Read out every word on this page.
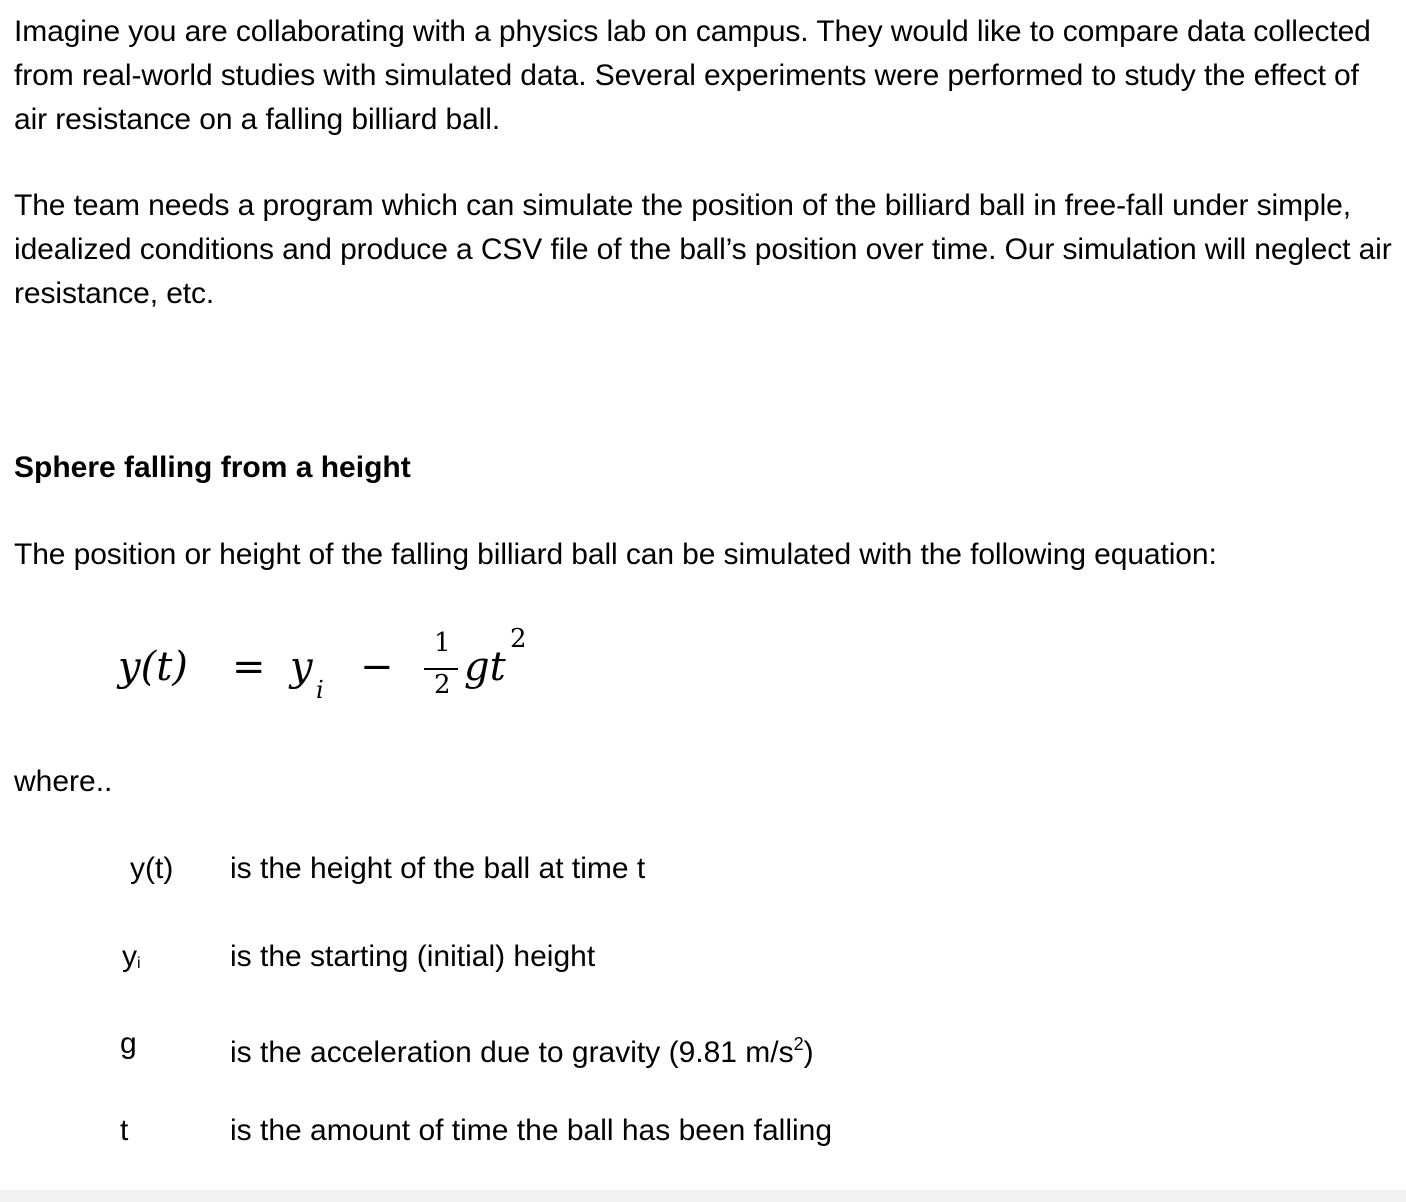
Imagine you are collaborating with a physics lab on campus. They would like to compare data collected from real-world studies with simulated data. Several experiments were performed to study the effect of air resistance on a falling billiard ball.

The team needs a program which can simulate the position of the billiard ball in free-fall under simple, idealized conditions and produce a CSV file of the ball’s position over time. Our simulation will neglect air resistance, etc.

Sphere falling from a height

The position or height of the falling billiard ball can be simulated with the following equation:

y(t) = y i −
1
2 gt
2

where..

y(t)	is the height of the ball at time t
yi	is the starting (initial) height
g	is the acceleration due to gravity (9.81 $m/s^2$)
t	is the amount of time the ball has been falling
